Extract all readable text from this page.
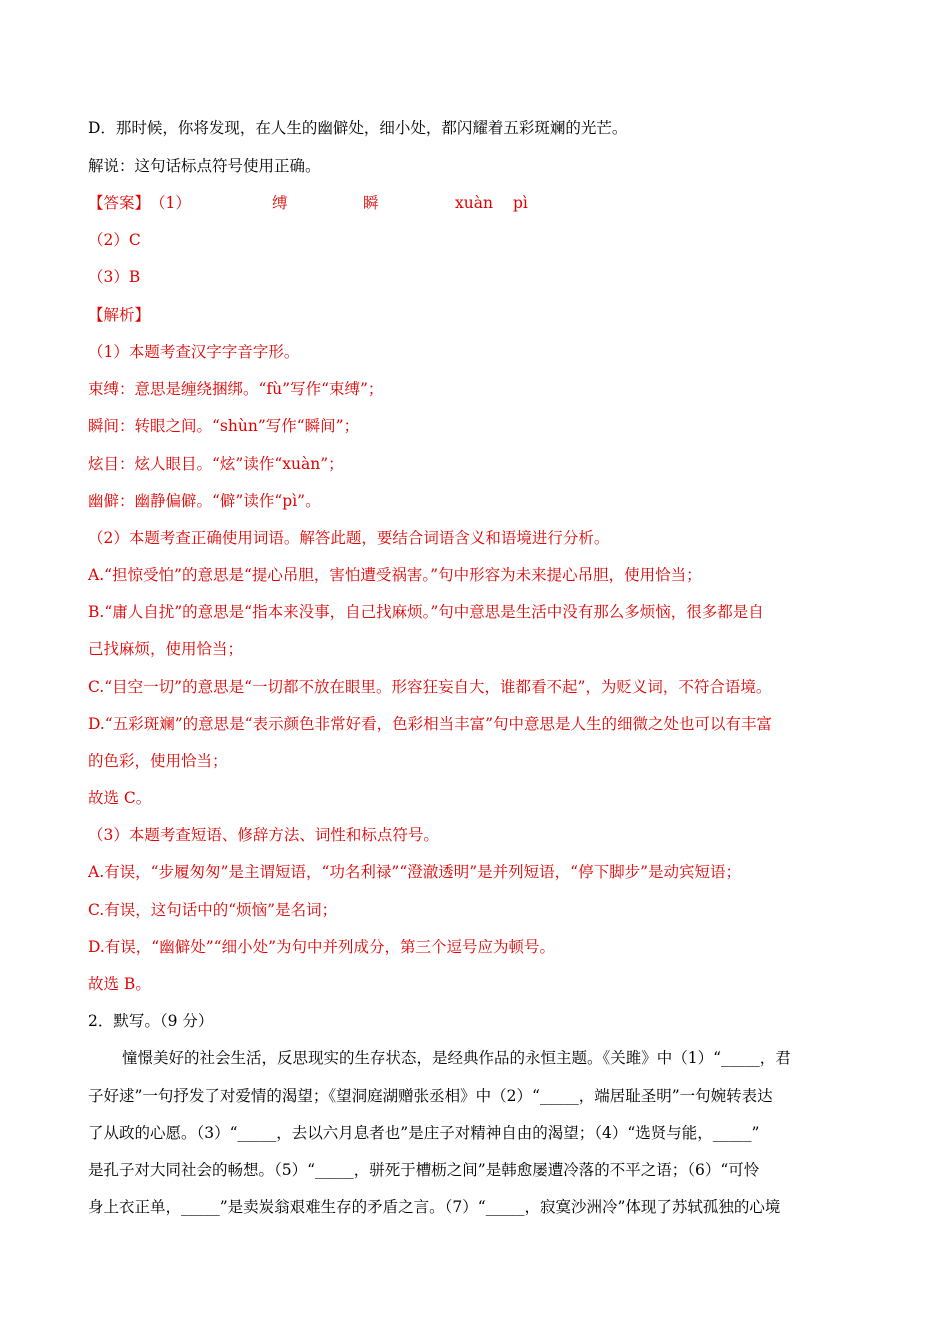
D．那时候，你将发现，在人生的幽僻处，细小处，都闪耀着五彩斑斓的光芒。
解说：这句话标点符号使用正确。
【答案】（1）	缚	瞬	xuàn pì
（2）C
（3）B
【解析】
（1）本题考查汉字字音字形。
束缚：意思是缠绕捆绑。“fù”写作“束缚”；
瞬间：转眼之间。“shùn”写作“瞬间”；
炫目：炫人眼目。“炫”读作“xuàn”；
幽僻：幽静偏僻。“僻”读作“pì”。
（2）本题考查正确使用词语。解答此题，要结合词语含义和语境进行分析。
A.“担惊受怕”的意思是“提心吊胆，害怕遭受祸害。”句中形容为未来提心吊胆，使用恰当；
B.“庸人自扰”的意思是“指本来没事，自己找麻烦。”句中意思是生活中没有那么多烦恼，很多都是自
己找麻烦，使用恰当；
C.“目空一切”的意思是“一切都不放在眼里。形容狂妄自大，谁都看不起”，为贬义词，不符合语境。
D.“五彩斑斓”的意思是“表示颜色非常好看，色彩相当丰富”句中意思是人生的细微之处也可以有丰富
的色彩，使用恰当；
故选 C。
（3）本题考查短语、修辞方法、词性和标点符号。
A.有误，“步履匆匆”是主谓短语，“功名利禄”“澄澈透明”是并列短语，“停下脚步”是动宾短语；
C.有误，这句话中的“烦恼”是名词；
D.有误，“幽僻处”“细小处”为句中并列成分，第三个逗号应为顿号。
故选 B。
2．默写。（9 分）
憧憬美好的社会生活，反思现实的生存状态，是经典作品的永恒主题。《关雎》中（1）“_____，君
子好逑”一句抒发了对爱情的渴望；《望洞庭湖赠张丞相》中（2）“_____，端居耻圣明”一句婉转表达
了从政的心愿。（3）“_____，去以六月息者也”是庄子对精神自由的渴望；（4）“选贤与能，_____”
是孔子对大同社会的畅想。（5）“_____，骈死于槽枥之间”是韩愈屡遭冷落的不平之语；（6）“可怜
身上衣正单，_____”是卖炭翁艰难生存的矛盾之言。（7）“_____，寂寞沙洲冷”体现了苏轼孤独的心境
